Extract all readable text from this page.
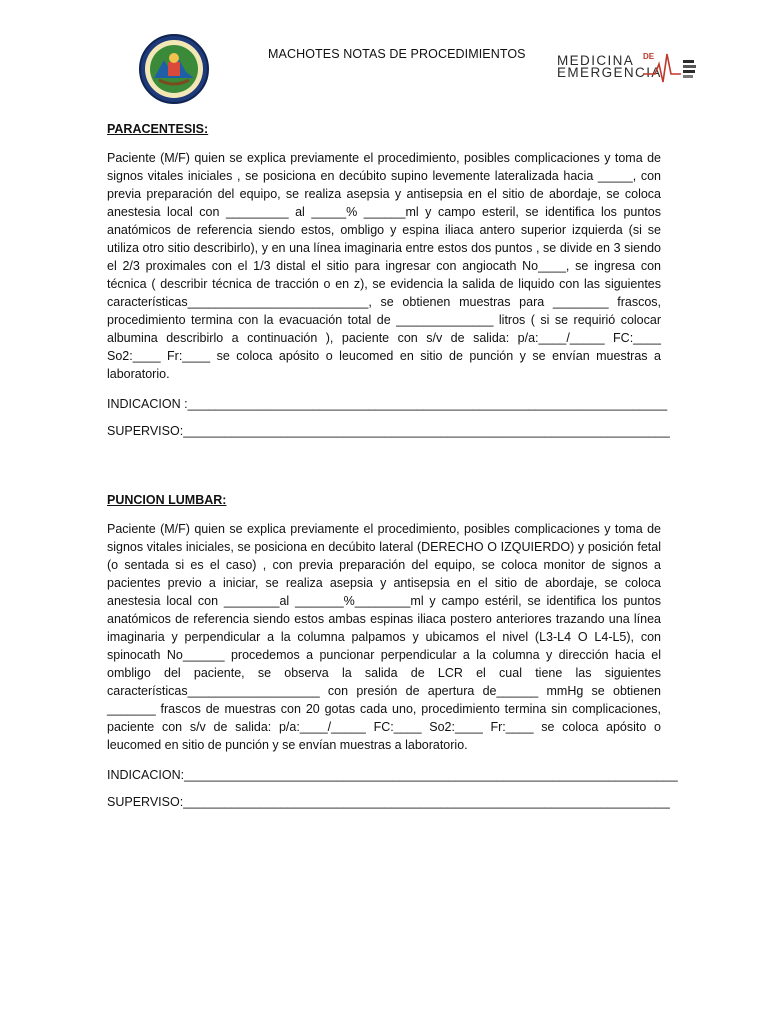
MACHOTES NOTAS DE PROCEDIMIENTOS MEDICINA
EMERGENCIA
DE

PARACENTESIS:

Paciente (M/F) quien se explica previamente el procedimiento, posibles complicaciones y toma de signos vitales iniciales , se posiciona en decúbito supino levemente lateralizada hacia _____, con previa preparación del equipo, se realiza asepsia y antisepsia en el sitio de abordaje, se coloca anestesia local con _________ al _____% ______ml y campo esteril, se identifica los puntos anatómicos de referencia siendo estos, ombligo y espina iliaca antero superior izquierda (si se utiliza otro sitio describirlo), y en una línea imaginaria entre estos dos puntos , se divide en 3 siendo el 2/3 proximales con el 1/3 distal el sitio para ingresar con angiocath No____, se ingresa con técnica ( describir técnica de tracción o en z), se evidencia la salida de liquido con las siguientes características__________________________, se obtienen muestras para ________ frascos, procedimiento termina con la evacuación total de ______________ litros ( si se requirió colocar albumina describirlo a continuación ), paciente con s/v de salida: p/a:____/_____ FC:____ So2:____ Fr:____ se coloca apósito o leucomed en sitio de punción y se envían muestras a laboratorio.

INDICACION :_____________________________________________________________________

SUPERVISO:______________________________________________________________________

PUNCION LUMBAR:

Paciente (M/F) quien se explica previamente el procedimiento, posibles complicaciones y toma de signos vitales iniciales, se posiciona en decúbito lateral (DERECHO O IZQUIERDO) y posición fetal (o sentada si es el caso) , con previa preparación del equipo, se coloca monitor de signos a pacientes previo a iniciar, se realiza asepsia y antisepsia en el sitio de abordaje, se coloca anestesia local con ________al _______%________ml y campo estéril, se identifica los puntos anatómicos de referencia siendo estos ambas espinas iliaca postero anteriores trazando una línea imaginaria y perpendicular a la columna palpamos y ubicamos el nivel (L3-L4 O L4-L5), con spinocath No______ procedemos a puncionar perpendicular a la columna y dirección hacia el ombligo del paciente, se observa la salida de LCR el cual tiene las siguientes características___________________ con presión de apertura de______ mmHg se obtienen _______ frascos de muestras con 20 gotas cada uno, procedimiento termina sin complicaciones, paciente con s/v de salida: p/a:____/_____ FC:____ So2:____ Fr:____ se coloca apósito o leucomed en sitio de punción y se envían muestras a laboratorio.

INDICACION:_______________________________________________________________________

SUPERVISO:______________________________________________________________________
